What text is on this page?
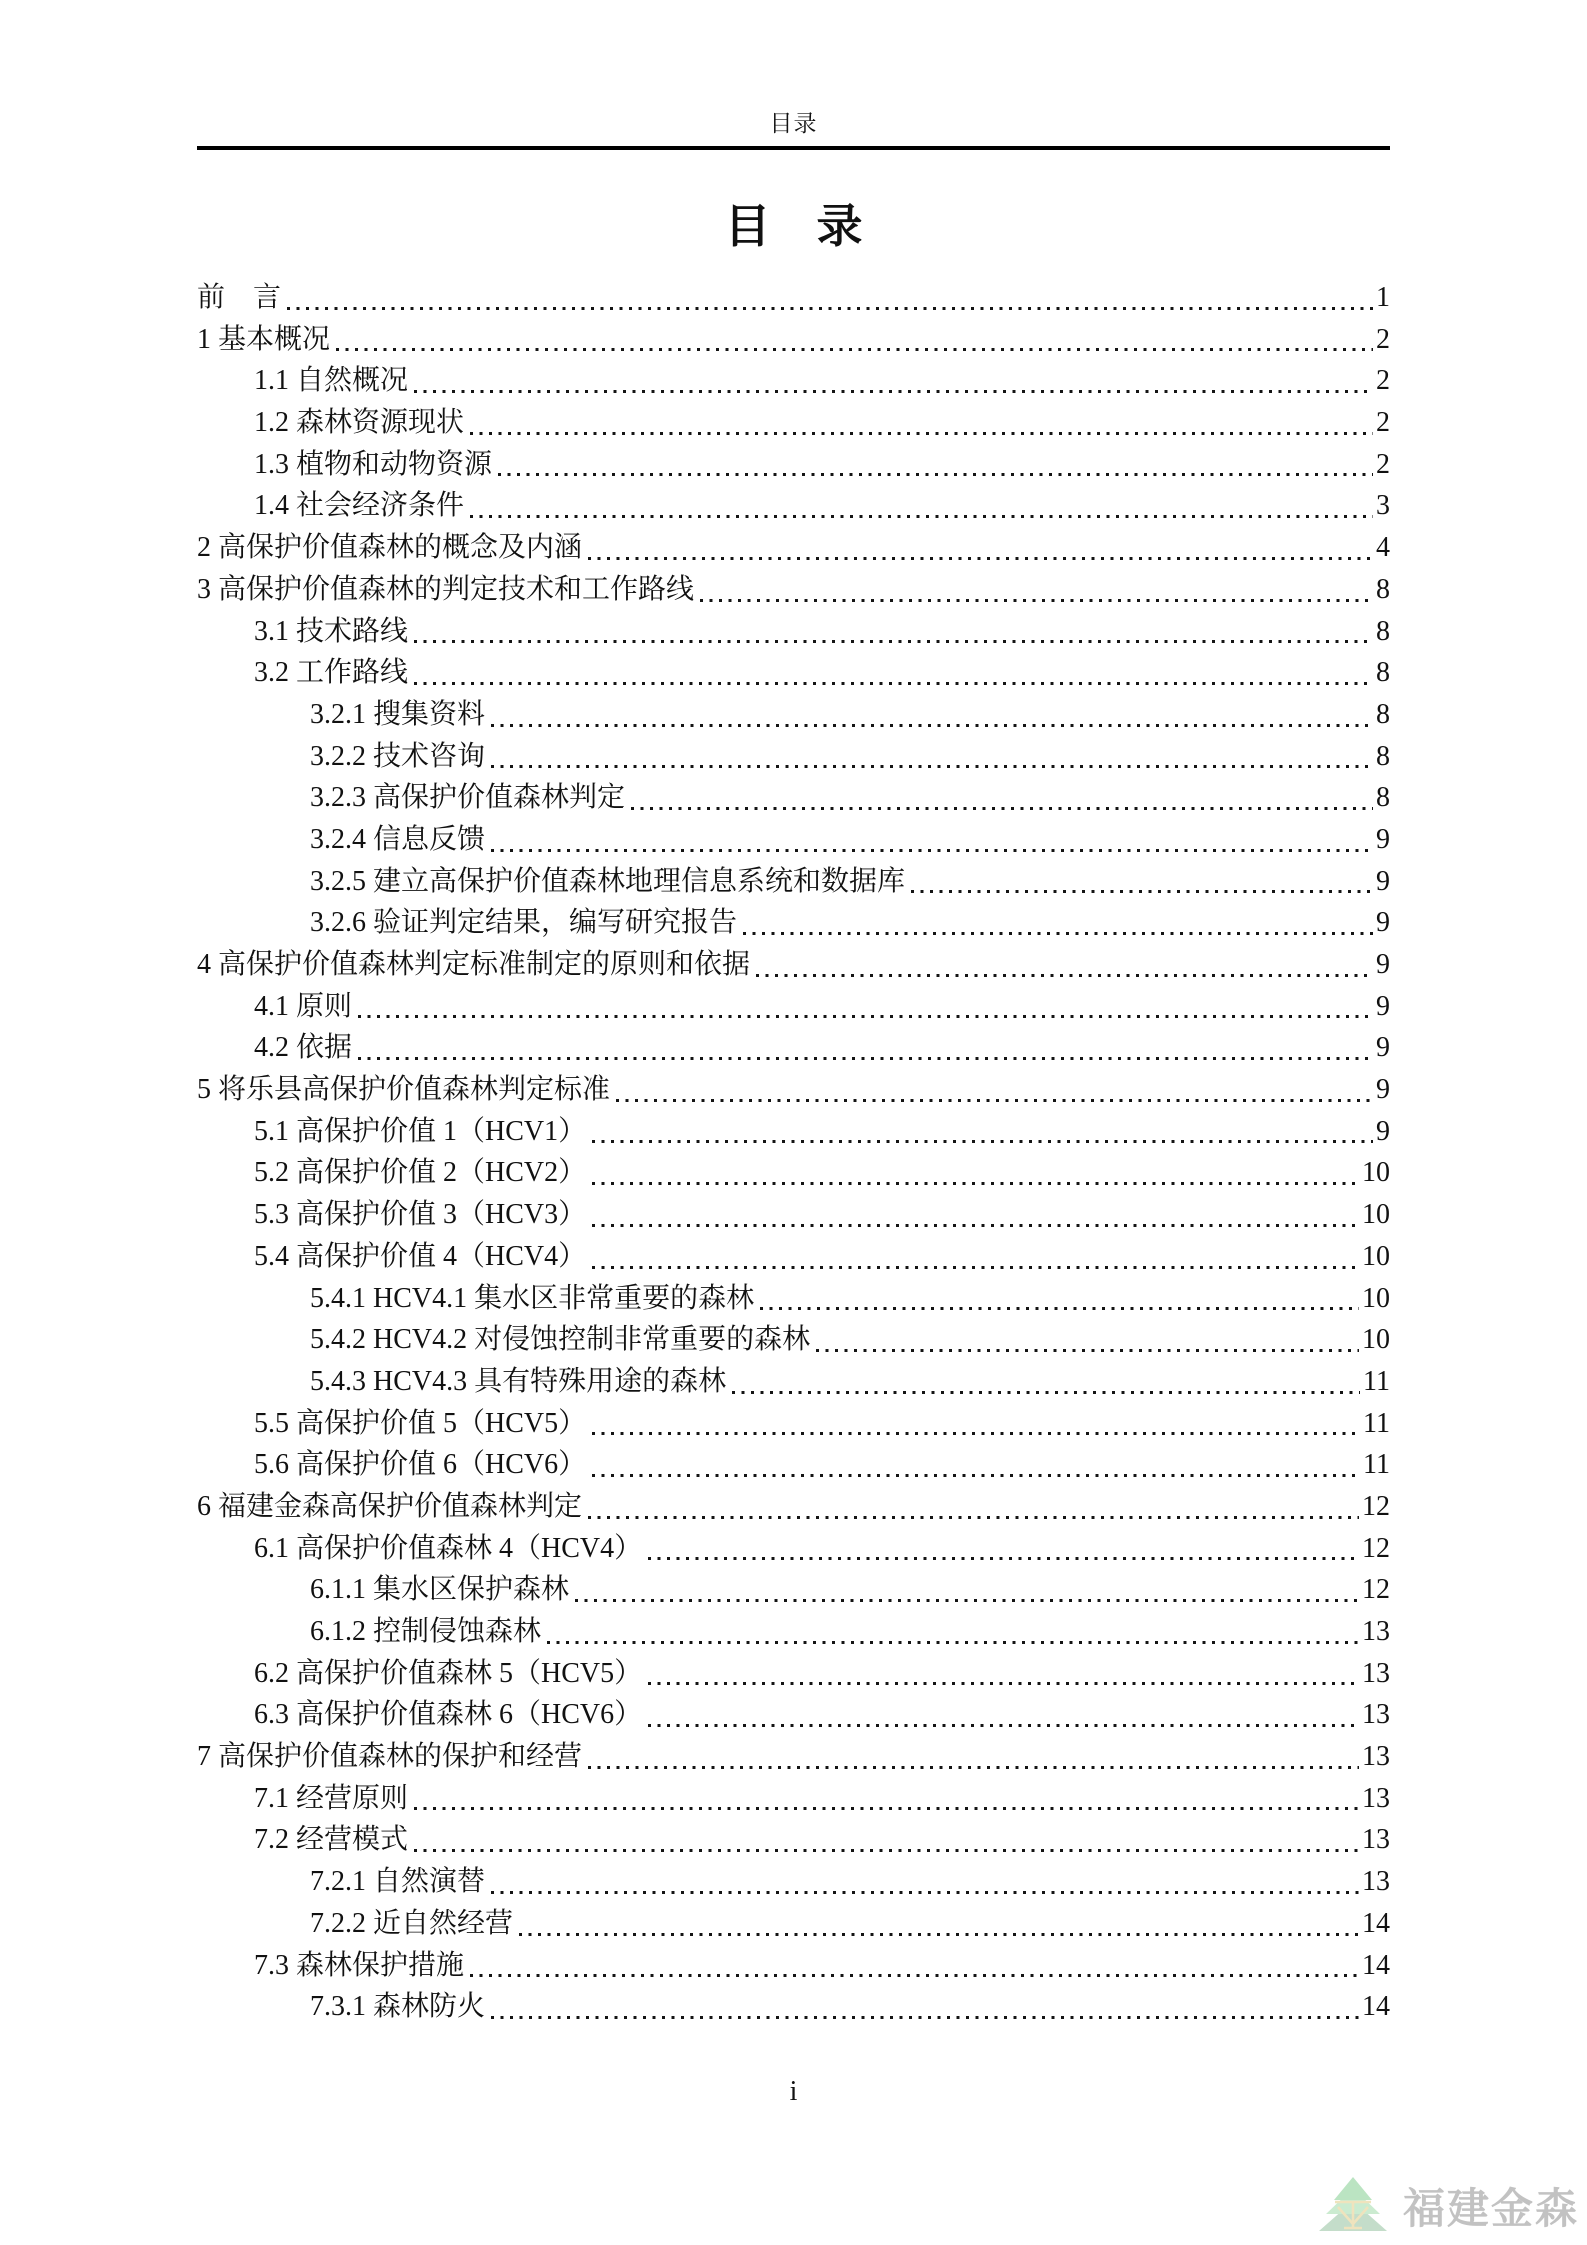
目录
目　录
前　言	1
1 基本概况	2
1.1 自然概况	2
1.2 森林资源现状	2
1.3 植物和动物资源	2
1.4 社会经济条件	3
2 高保护价值森林的概念及内涵	4
3 高保护价值森林的判定技术和工作路线	8
3.1 技术路线	8
3.2 工作路线	8
3.2.1 搜集资料	8
3.2.2 技术咨询	8
3.2.3 高保护价值森林判定	8
3.2.4 信息反馈	9
3.2.5 建立高保护价值森林地理信息系统和数据库	9
3.2.6 验证判定结果，编写研究报告	9
4 高保护价值森林判定标准制定的原则和依据	9
4.1 原则	9
4.2 依据	9
5 将乐县高保护价值森林判定标准	9
5.1 高保护价值 1（HCV1）	9
5.2 高保护价值 2（HCV2）	10
5.3 高保护价值 3（HCV3）	10
5.4 高保护价值 4（HCV4）	10
5.4.1 HCV4.1 集水区非常重要的森林	10
5.4.2 HCV4.2 对侵蚀控制非常重要的森林	10
5.4.3 HCV4.3 具有特殊用途的森林	11
5.5 高保护价值 5（HCV5）	11
5.6 高保护价值 6（HCV6）	11
6 福建金森高保护价值森林判定	12
6.1 高保护价值森林 4（HCV4）	12
6.1.1 集水区保护森林	12
6.1.2 控制侵蚀森林	13
6.2 高保护价值森林 5（HCV5）	13
6.3 高保护价值森林 6（HCV6）	13
7 高保护价值森林的保护和经营	13
7.1 经营原则	13
7.2 经营模式	13
7.2.1 自然演替	13
7.2.2 近自然经营	14
7.3 森林保护措施	14
7.3.1 森林防火	14
i
福建金森
